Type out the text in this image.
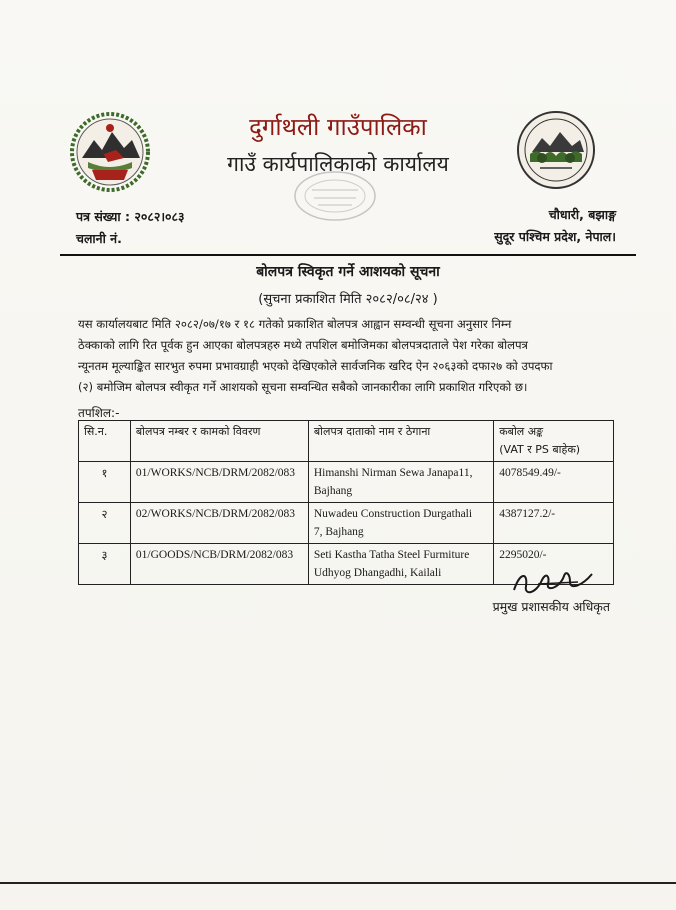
दुर्गाथली गाउँपालिका
गाउँ कार्यपालिकाको कार्यालय
पत्र संख्या : २०८२।०८३
चलानी नं.
चौधारी, बझाङ्ग
सुदूर पश्चिम प्रदेश, नेपाल।
बोलपत्र स्विकृत गर्ने आशयको सूचना
(सुचना प्रकाशित मिति २०८२/०८/२४ )
यस कार्यालयबाट मिति २०८२/०७/१७ र १८ गतेको प्रकाशित बोलपत्र आह्वान सम्वन्धी सूचना अनुसार निम्न
ठेक्काको लागि रित पूर्वक हुन आएका बोलपत्रहरु मध्ये तपशिल बमोजिमका बोलपत्रदाताले पेश गरेका बोलपत्र
न्यूनतम मूल्याङ्कित सारभुत रुपमा प्रभावग्राही भएको देखिएकोले सार्वजनिक खरिद ऐन २०६३को दफा२७ को उपदफा
(२) बमोजिम बोलपत्र स्वीकृत गर्ने आशयको सूचना सम्वन्धित सबैको जानकारीका लागि प्रकाशित गरिएको छ।
तपशिल:-
सि.न.	बोलपत्र नम्बर र कामको विवरण	बोलपत्र दाताको नाम र ठेगाना	कबोल अङ्क
(VAT र PS बाहेक)

१	01/WORKS/NCB/DRM/2082/083	Himanshi Nirman Sewa Janapa11,
Bajhang	4078549.49/-
२	02/WORKS/NCB/DRM/2082/083	Nuwadeu Construction Durgathali
7, Bajhang	4387127.2/-
३	01/GOODS/NCB/DRM/2082/083	Seti Kastha Tatha Steel Furmiture
Udhyog Dhangadhi, Kailali	2295020/-
प्रमुख प्रशासकीय अधिकृत
